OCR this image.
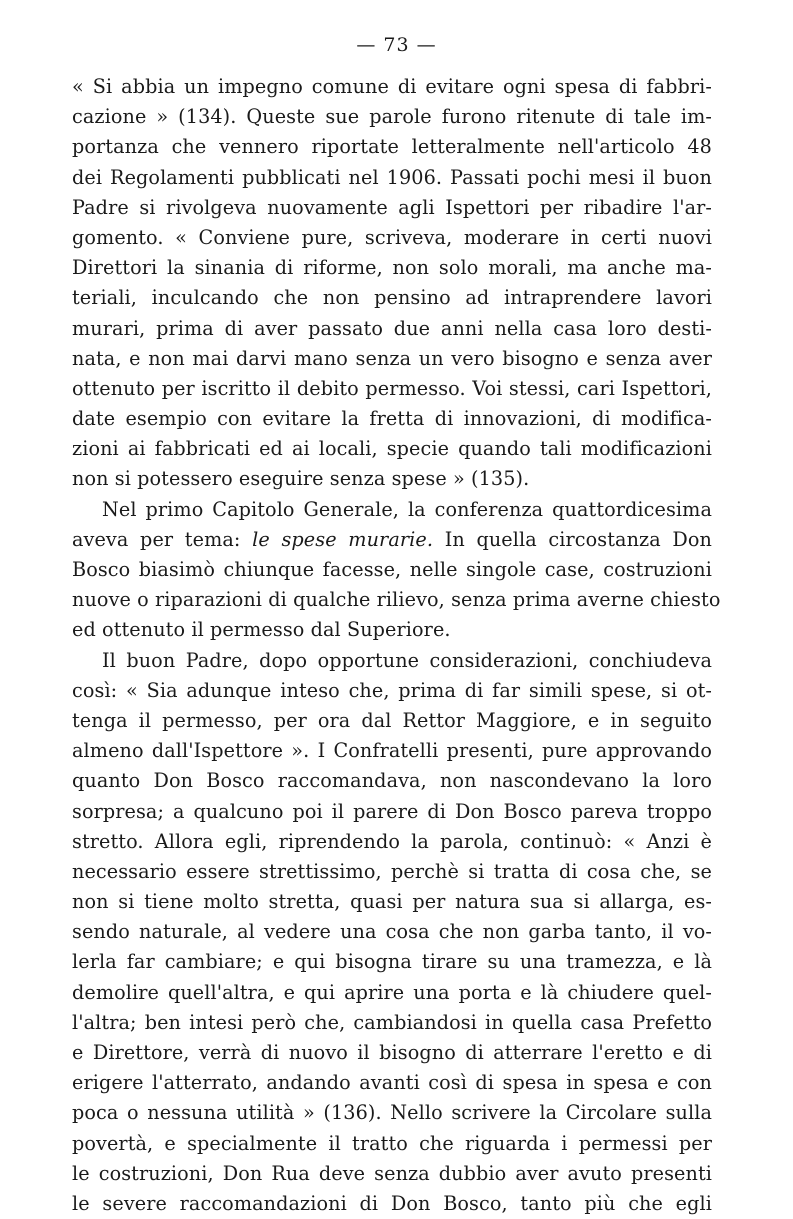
— 73 —
« Si abbia un impegno comune di evitare ogni spesa di fabbri-
cazione » (134). Queste sue parole furono ritenute di tale im-
portanza che vennero riportate letteralmente nell'articolo 48
dei Regolamenti pubblicati nel 1906. Passati pochi mesi il buon
Padre si rivolgeva nuovamente agli Ispettori per ribadire l'ar-
gomento. « Conviene pure, scriveva, moderare in certi nuovi
Direttori la sinania di riforme, non solo morali, ma anche ma-
teriali, inculcando che non pensino ad intraprendere lavori
murari, prima di aver passato due anni nella casa loro desti-
nata, e non mai darvi mano senza un vero bisogno e senza aver
ottenuto per iscritto il debito permesso. Voi stessi, cari Ispettori,
date esempio con evitare la fretta di innovazioni, di modifica-
zioni ai fabbricati ed ai locali, specie quando tali modificazioni
non si potessero eseguire senza spese » (135).
Nel primo Capitolo Generale, la conferenza quattordicesima
aveva per tema: le spese murarie. In quella circostanza Don
Bosco biasimò chiunque facesse, nelle singole case, costruzioni
nuove o riparazioni di qualche rilievo, senza prima averne chiesto
ed ottenuto il permesso dal Superiore.
Il buon Padre, dopo opportune considerazioni, conchiudeva
così: « Sia adunque inteso che, prima di far simili spese, si ot-
tenga il permesso, per ora dal Rettor Maggiore, e in seguito
almeno dall'Ispettore ». I Confratelli presenti, pure approvando
quanto Don Bosco raccomandava, non nascondevano la loro
sorpresa; a qualcuno poi il parere di Don Bosco pareva troppo
stretto. Allora egli, riprendendo la parola, continuò: « Anzi è
necessario essere strettissimo, perchè si tratta di cosa che, se
non si tiene molto stretta, quasi per natura sua si allarga, es-
sendo naturale, al vedere una cosa che non garba tanto, il vo-
lerla far cambiare; e qui bisogna tirare su una tramezza, e là
demolire quell'altra, e qui aprire una porta e là chiudere quel-
l'altra; ben intesi però che, cambiandosi in quella casa Prefetto
e Direttore, verrà di nuovo il bisogno di atterrare l'eretto e di
erigere l'atterrato, andando avanti così di spesa in spesa e con
poca o nessuna utilità » (136). Nello scrivere la Circolare sulla
povertà, e specialmente il tratto che riguarda i permessi per
le costruzioni, Don Rua deve senza dubbio aver avuto presenti
le severe raccomandazioni di Don Bosco, tanto più che egli
